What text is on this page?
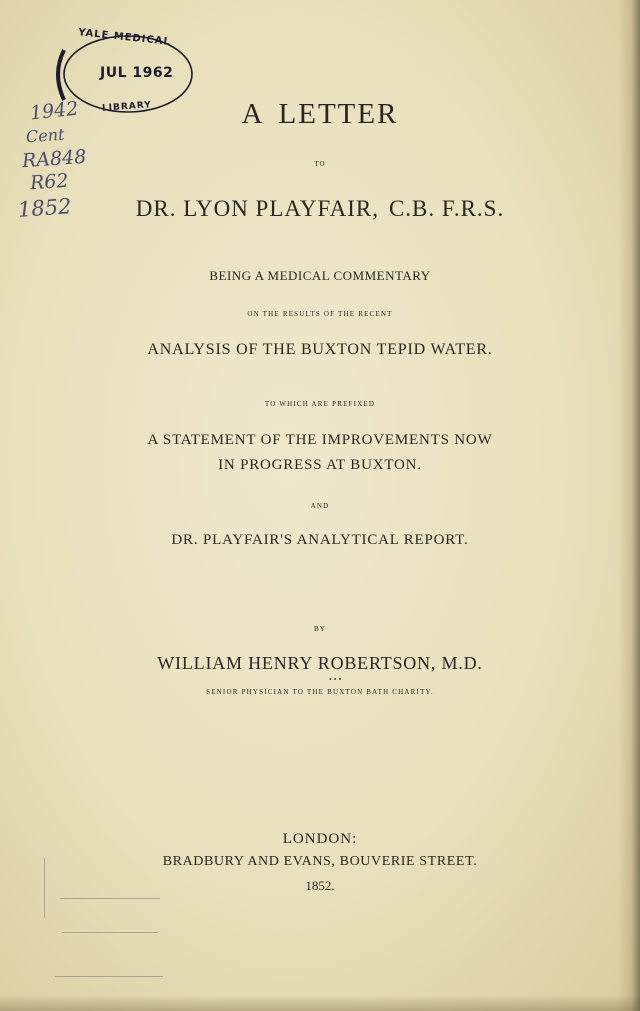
YALE MEDICAL
JUL 1962
LIBRARY
1942
Cent
RA848
R62
1852
A LETTER
TO
DR. LYON PLAYFAIR, C.B. F.R.S.
BEING A MEDICAL COMMENTARY
ON THE RESULTS OF THE RECENT
ANALYSIS OF THE BUXTON TEPID WATER.
TO WHICH ARE PREFIXED
A STATEMENT OF THE IMPROVEMENTS NOW
IN PROGRESS AT BUXTON.
AND
DR. PLAYFAIR'S ANALYTICAL REPORT.
BY
WILLIAM HENRY ROBERTSON, M.D.
• • •
SENIOR PHYSICIAN TO THE BUXTON BATH CHARITY.
LONDON:
BRADBURY AND EVANS, BOUVERIE STREET.
1852.
